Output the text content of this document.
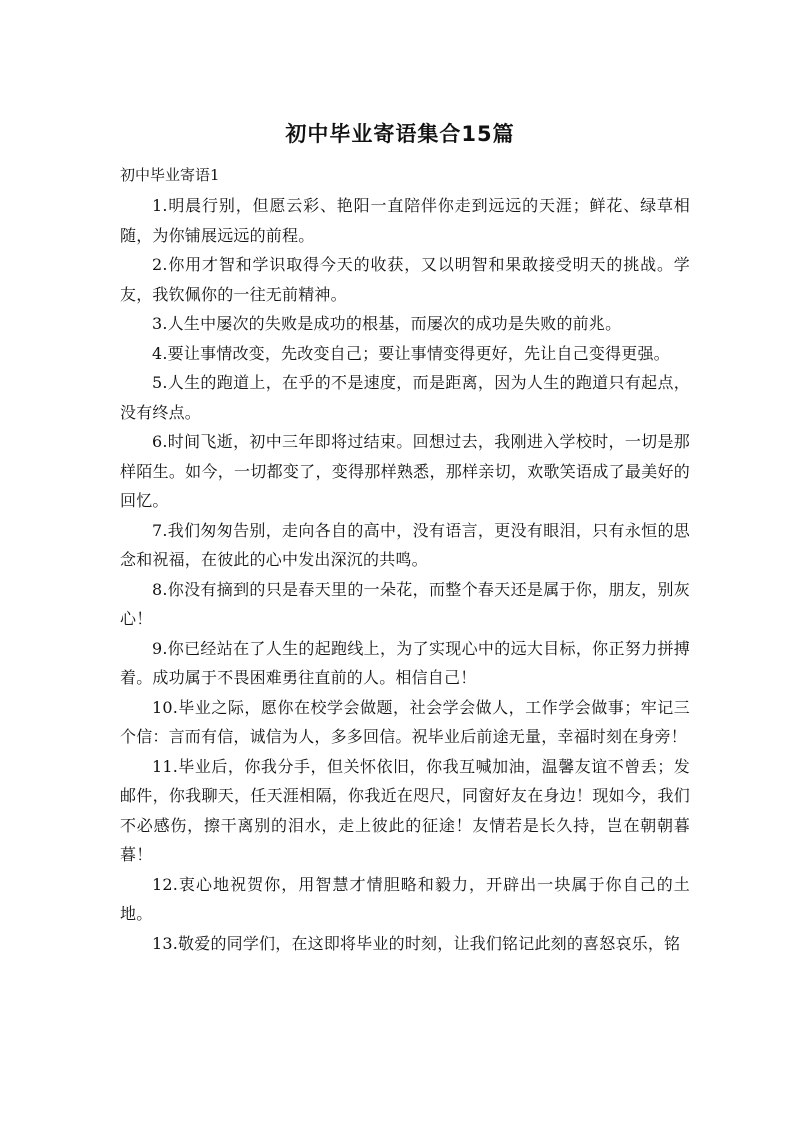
初中毕业寄语集合15篇

初中毕业寄语1

1.明晨行别，但愿云彩、艳阳一直陪伴你走到远远的天涯；鲜花、绿草相随，为你铺展远远的前程。

2.你用才智和学识取得今天的收获，又以明智和果敢接受明天的挑战。学友，我钦佩你的一往无前精神。

3.人生中屡次的失败是成功的根基，而屡次的成功是失败的前兆。

4.要让事情改变，先改变自己；要让事情变得更好，先让自己变得更强。

5.人生的跑道上，在乎的不是速度，而是距离，因为人生的跑道只有起点，没有终点。

6.时间飞逝，初中三年即将过结束。回想过去，我刚进入学校时，一切是那样陌生。如今，一切都变了，变得那样熟悉，那样亲切，欢歌笑语成了最美好的回忆。

7.我们匆匆告别，走向各自的高中，没有语言，更没有眼泪，只有永恒的思念和祝福，在彼此的心中发出深沉的共鸣。

8.你没有摘到的只是春天里的一朵花，而整个春天还是属于你，朋友，别灰心！

9.你已经站在了人生的起跑线上，为了实现心中的远大目标，你正努力拼搏着。成功属于不畏困难勇往直前的人。相信自己！

10.毕业之际，愿你在校学会做题，社会学会做人，工作学会做事；牢记三个信：言而有信，诚信为人，多多回信。祝毕业后前途无量，幸福时刻在身旁！

11.毕业后，你我分手，但关怀依旧，你我互喊加油，温馨友谊不曾丢；发邮件，你我聊天，任天涯相隔，你我近在咫尺，同窗好友在身边！现如今，我们不必感伤，擦干离别的泪水，走上彼此的征途！友情若是长久持，岂在朝朝暮暮！

12.衷心地祝贺你，用智慧才情胆略和毅力，开辟出一块属于你自己的土地。

13.敬爱的同学们，在这即将毕业的时刻，让我们铭记此刻的喜怒哀乐，铭
